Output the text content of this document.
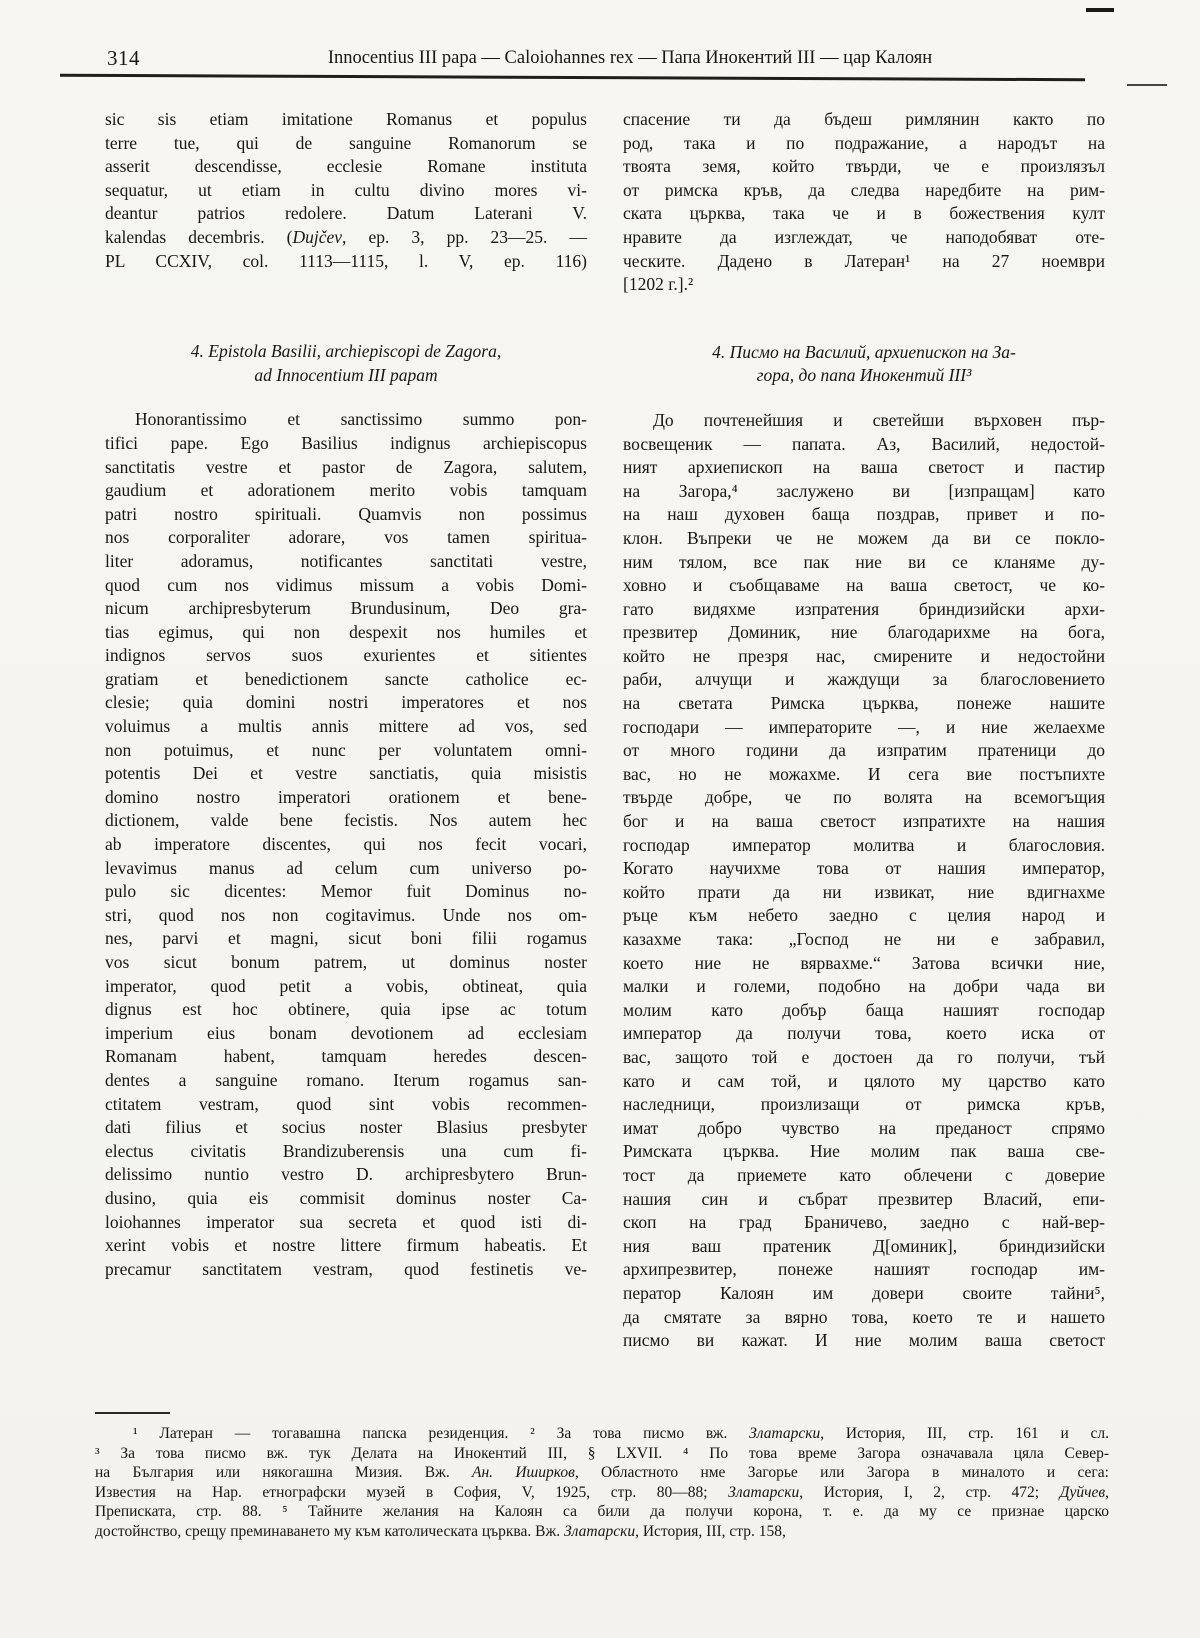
314	Innocentius III papa — Caloiohannes rex — Папа Инокентий III — цар Калоян
sic sis etiam imitatione Romanus et populus
terre tue, qui de sanguine Romanorum se
asserit descendisse, ecclesie Romane instituta
sequatur, ut etiam in cultu divino mores vi-
deantur patrios redolere. Datum Laterani V.
kalendas decembris. (Dujčev, ep. 3, pp. 23—25. —
PL CCXIV, col. 1113—1115, l. V, ep. 116)
4. Epistola Basilii, archiepiscopi de Zagora,
ad Innocentium III papam
Honorantissimo et sanctissimo summo pon-
tifici pape. Ego Basilius indignus archiepiscopus
sanctitatis vestre et pastor de Zagora, salutem,
gaudium et adorationem merito vobis tamquam
patri nostro spirituali. Quamvis non possimus
nos corporaliter adorare, vos tamen spiritua-
liter adoramus, notificantes sanctitati vestre,
quod cum nos vidimus missum a vobis Domi-
nicum archipresbyterum Brundusinum, Deo gra-
tias egimus, qui non despexit nos humiles et
indignos servos suos exurientes et sitientes
gratiam et benedictionem sancte catholice ec-
clesie; quia domini nostri imperatores et nos
voluimus a multis annis mittere ad vos, sed
non potuimus, et nunc per voluntatem omni-
potentis Dei et vestre sanctiatis, quia misistis
domino nostro imperatori orationem et bene-
dictionem, valde bene fecistis. Nos autem hec
ab imperatore discentes, qui nos fecit vocari,
levavimus manus ad celum cum universo po-
pulo sic dicentes: Memor fuit Dominus no-
stri, quod nos non cogitavimus. Unde nos om-
nes, parvi et magni, sicut boni filii rogamus
vos sicut bonum patrem, ut dominus noster
imperator, quod petit a vobis, obtineat, quia
dignus est hoc obtinere, quia ipse ac totum
imperium eius bonam devotionem ad ecclesiam
Romanam habent, tamquam heredes descen-
dentes a sanguine romano. Iterum rogamus san-
ctitatem vestram, quod sint vobis recommen-
dati filius et socius noster Blasius presbyter
electus civitatis Brandizuberensis una cum fi-
delissimo nuntio vestro D. archipresbytero Brun-
dusino, quia eis commisit dominus noster Ca-
loiohannes imperator sua secreta et quod isti di-
xerint vobis et nostre littere firmum habeatis. Et
precamur sanctitatem vestram, quod festinetis ve-
спасение ти да бъдеш римлянин както по
род, така и по подражание, а народът на
твоята земя, който твърди, че е произлязъл
от римска кръв, да следва наредбите на рим-
ската църква, така че и в божествения култ
нравите да изглеждат, че наподобяват оте-
ческите. Дадено в Латеран¹ на 27 ноември
[1202 г.].²
4. Писмо на Василий, архиепископ на За-
гора, до папа Инокентий III³
До почтенейшия и светейши върховен пър-
восвещеник — папата. Аз, Василий, недостой-
ният архиепископ на ваша светост и пастир
на Загора,⁴ заслужено ви [изпращам] като
на наш духовен баща поздрав, привет и по-
клон. Въпреки че не можем да ви се покло-
ним тялом, все пак ние ви се кланяме ду-
ховно и съобщаваме на ваша светост, че ко-
гато видяхме изпратения бриндизийски архи-
презвитер Доминик, ние благодарихме на бога,
който не презря нас, смирените и недостойни
раби, алчущи и жаждущи за благословението
на светата Римска църква, понеже нашите
господари — императорите —, и ние желаехме
от много години да изпратим пратеници до
вас, но не можахме. И сега вие постъпихте
твърде добре, че по волята на всемогъщия
бог и на ваша светост изпратихте на нашия
господар император молитва и благословия.
Когато научихме това от нашия император,
който прати да ни извикат, ние вдигнахме
ръце към небето заедно с целия народ и
казахме така: „Господ не ни е забравил,
което ние не вярвахме.“ Затова всички ние,
малки и големи, подобно на добри чада ви
молим като добър баща нашият господар
император да получи това, което иска от
вас, защото той е достоен да го получи, тъй
като и сам той, и цялото му царство като
наследници, произлизащи от римска кръв,
имат добро чувство на преданост спрямо
Римската църква. Ние молим пак ваша све-
тост да приемете като облечени с доверие
нашия син и събрат презвитер Власий, епи-
скоп на град Браничево, заедно с най-вер-
ния ваш пратеник Д[оминик], бриндизийски
архипрезвитер, понеже нашият господар им-
ператор Калоян им довери своите тайни⁵,
да смятате за вярно това, което те и нашето
писмо ви кажат. И ние молим ваша светост
¹ Латеран — тогавашна папска резиденция. ² За това писмо вж. Златарски, История, III, стр. 161 и сл.
³ За това писмо вж. тук Делата на Инокентий III, § LXVII. ⁴ По това време Загора означавала цяла Север-
на България или някогашна Мизия. Вж. Ан. Иширков, Областното нме Загорье или Загора в миналото и сега:
Известия на Нар. етнографски музей в София, V, 1925, стр. 80—88; Златарски, История, I, 2, стр. 472; Дуйчев,
Преписката, стр. 88. ⁵ Тайните желания на Калоян са били да получи корона, т. е. да му се признае царско
достойнство, срещу преминаването му към католическата църква. Вж. Златарски, История, III, стр. 158,
